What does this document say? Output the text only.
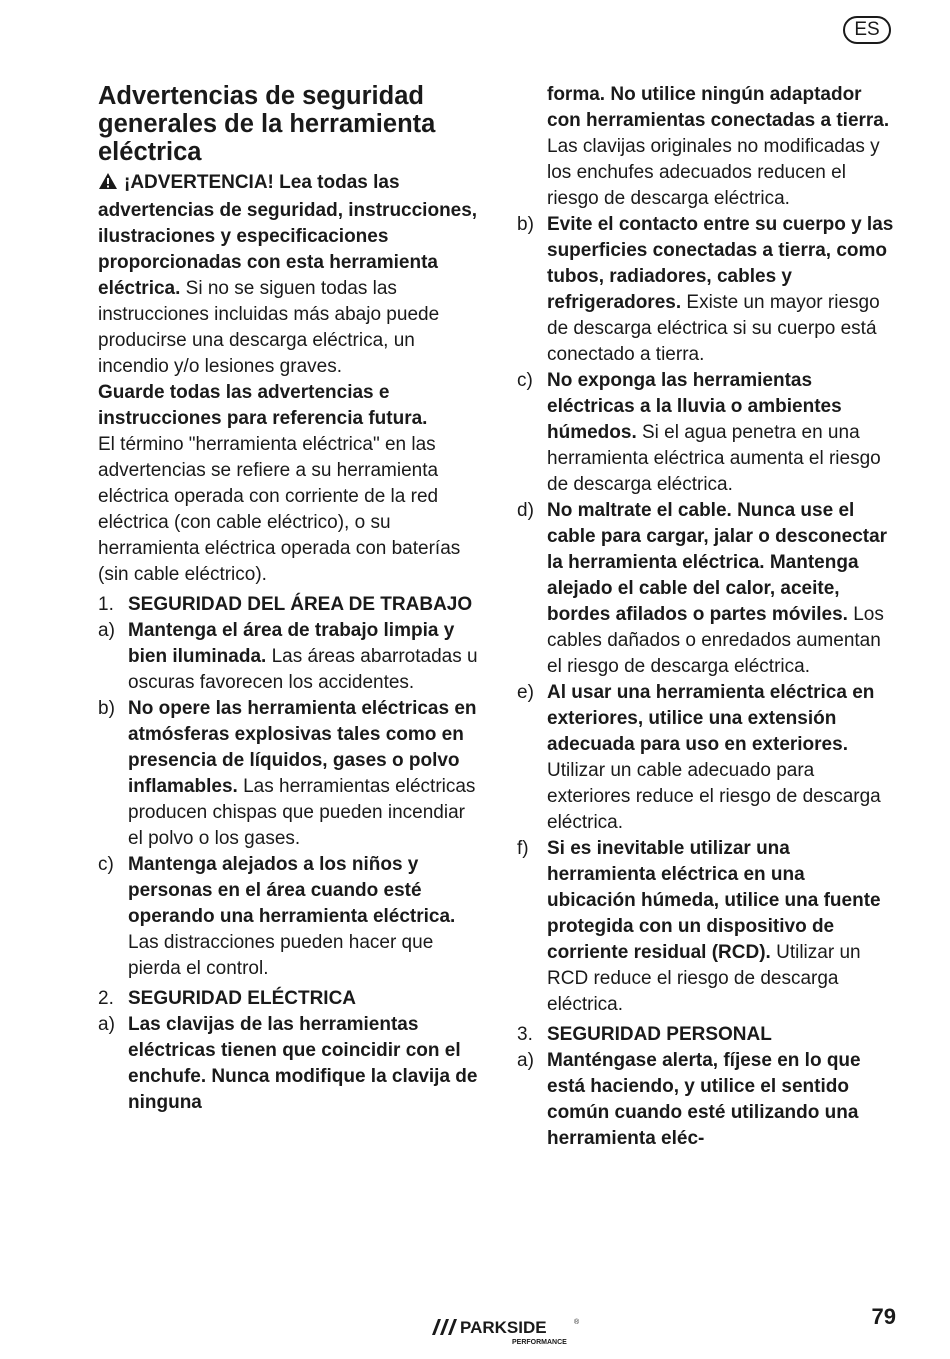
ES
Advertencias de seguridad generales de la herramienta eléctrica

¡ADVERTENCIA! Lea todas las advertencias de seguridad, instrucciones, ilustraciones y especificaciones proporcionadas con esta herramienta eléctrica. Si no se siguen todas las instrucciones incluidas más abajo puede producirse una descarga eléctrica, un incendio y/o lesiones graves.

Guarde todas las advertencias e instrucciones para referencia futura.

El término "herramienta eléctrica" en las advertencias se refiere a su herramienta eléctrica operada con corriente de la red eléctrica (con cable eléctrico), o su herramienta eléctrica operada con baterías (sin cable eléctrico).

1. SEGURIDAD DEL ÁREA DE TRABAJO
a) Mantenga el área de trabajo limpia y bien iluminada. Las áreas abarrotadas u oscuras favorecen los accidentes.
b) No opere las herramienta eléctricas en atmósferas explosivas tales como en presencia de líquidos, gases o polvo inflamables. Las herramientas eléctricas producen chispas que pueden incendiar el polvo o los gases.
c) Mantenga alejados a los niños y personas en el área cuando esté operando una herramienta eléctrica. Las distracciones pueden hacer que pierda el control.
2. SEGURIDAD ELÉCTRICA
a) Las clavijas de las herramientas eléctricas tienen que coincidir con el enchufe. Nunca modifique la clavija de ninguna
forma. No utilice ningún adaptador con herramientas conectadas a tierra. Las clavijas originales no modificadas y los enchufes adecuados reducen el riesgo de descarga eléctrica.
b) Evite el contacto entre su cuerpo y las superficies conectadas a tierra, como tubos, radiadores, cables y refrigeradores. Existe un mayor riesgo de descarga eléctrica si su cuerpo está conectado a tierra.
c) No exponga las herramientas eléctricas a la lluvia o ambientes húmedos. Si el agua penetra en una herramienta eléctrica aumenta el riesgo de descarga eléctrica.
d) No maltrate el cable. Nunca use el cable para cargar, jalar o desconectar la herramienta eléctrica. Mantenga alejado el cable del calor, aceite, bordes afilados o partes móviles. Los cables dañados o enredados aumentan el riesgo de descarga eléctrica.
e) Al usar una herramienta eléctrica en exteriores, utilice una extensión adecuada para uso en exteriores. Utilizar un cable adecuado para exteriores reduce el riesgo de descarga eléctrica.
f) Si es inevitable utilizar una herramienta eléctrica en una ubicación húmeda, utilice una fuente protegida con un dispositivo de corriente residual (RCD). Utilizar un RCD reduce el riesgo de descarga eléctrica.
3. SEGURIDAD PERSONAL
a) Manténgase alerta, fíjese en lo que está haciendo, y utilice el sentido común cuando esté utilizando una herramienta eléc-
PARKSIDE	®
PERFORMANCE
79
